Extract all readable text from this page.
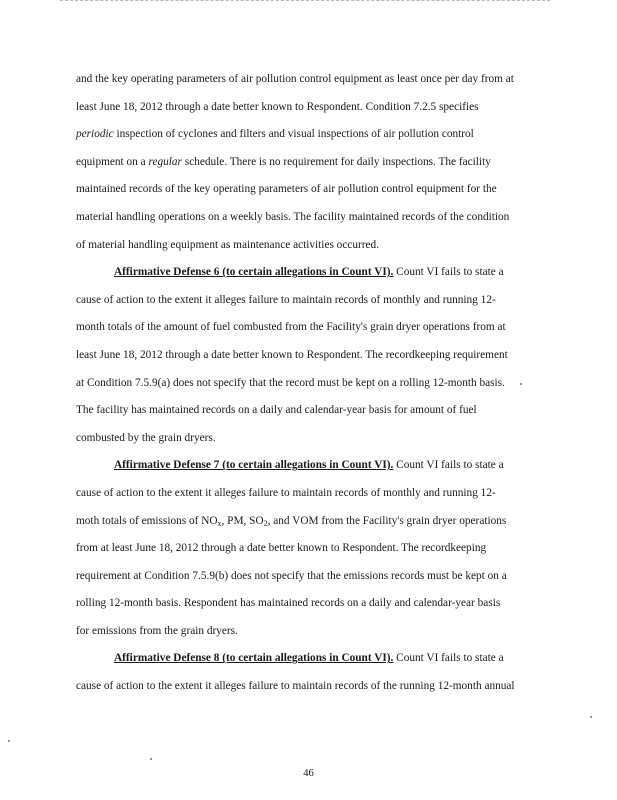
and the key operating parameters of air pollution control equipment as least once per day from at
least June 18, 2012 through a date better known to Respondent. Condition 7.2.5 specifies
periodic inspection of cyclones and filters and visual inspections of air pollution control
equipment on a regular schedule. There is no requirement for daily inspections. The facility
maintained records of the key operating parameters of air pollution control equipment for the
material handling operations on a weekly basis. The facility maintained records of the condition
of material handling equipment as maintenance activities occurred.

Affirmative Defense 6 (to certain allegations in Count VI). Count VI fails to state a
cause of action to the extent it alleges failure to maintain records of monthly and running 12-
month totals of the amount of fuel combusted from the Facility's grain dryer operations from at
least June 18, 2012 through a date better known to Respondent. The recordkeeping requirement
at Condition 7.5.9(a) does not specify that the record must be kept on a rolling 12-month basis.
The facility has maintained records on a daily and calendar-year basis for amount of fuel
combusted by the grain dryers.

Affirmative Defense 7 (to certain allegations in Count VI). Count VI fails to state a
cause of action to the extent it alleges failure to maintain records of monthly and running 12-
moth totals of emissions of $NO_x$, PM, $SO_2$, and VOM from the Facility's grain dryer operations
from at least June 18, 2012 through a date better known to Respondent. The recordkeeping
requirement at Condition 7.5.9(b) does not specify that the emissions records must be kept on a
rolling 12-month basis. Respondent has maintained records on a daily and calendar-year basis
for emissions from the grain dryers.

Affirmative Defense 8 (to certain allegations in Count VI). Count VI fails to state a
cause of action to the extent it alleges failure to maintain records of the running 12-month annual

46
